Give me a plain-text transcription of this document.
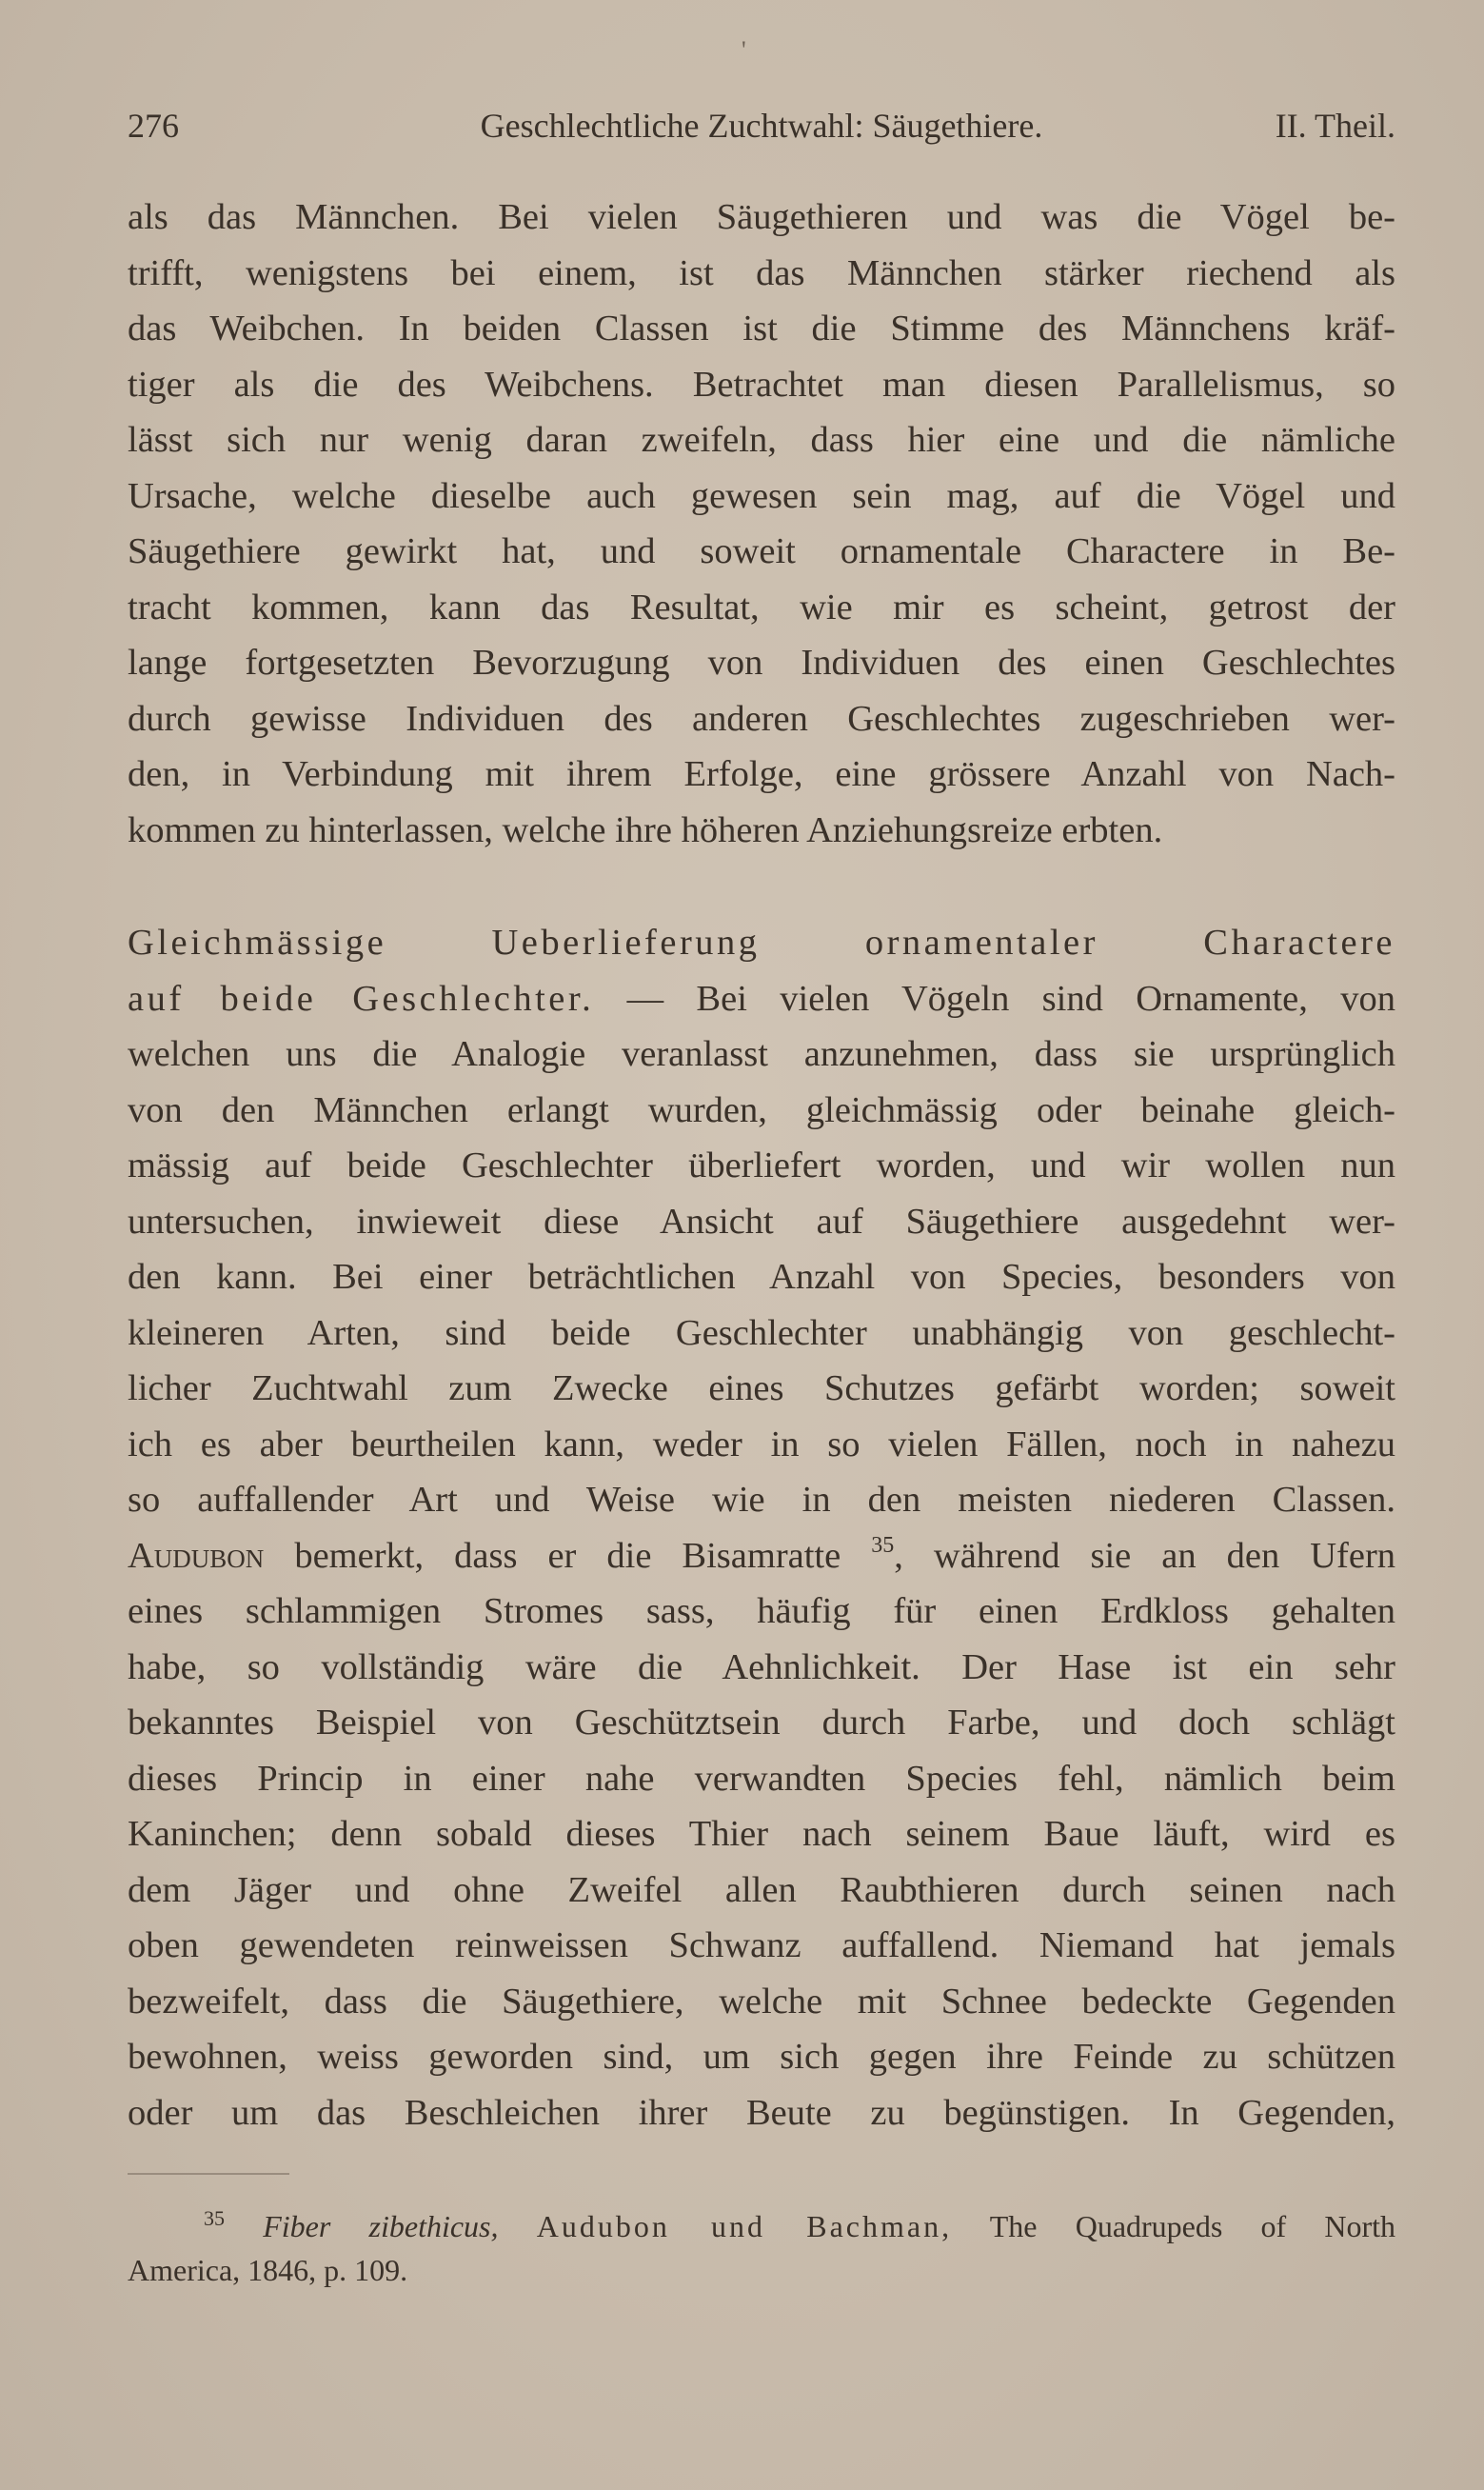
'
276	Geschlechtliche Zuchtwahl: Säugethiere.	II. Theil.
als das Männchen. Bei vielen Säugethieren und was die Vögel be-
trifft, wenigstens bei einem, ist das Männchen stärker riechend als
das Weibchen. In beiden Classen ist die Stimme des Männchens kräf-
tiger als die des Weibchens. Betrachtet man diesen Parallelismus, so
lässt sich nur wenig daran zweifeln, dass hier eine und die nämliche
Ursache, welche dieselbe auch gewesen sein mag, auf die Vögel und
Säugethiere gewirkt hat, und soweit ornamentale Charactere in Be-
tracht kommen, kann das Resultat, wie mir es scheint, getrost der
lange fortgesetzten Bevorzugung von Individuen des einen Geschlechtes
durch gewisse Individuen des anderen Geschlechtes zugeschrieben wer-
den, in Verbindung mit ihrem Erfolge, eine grössere Anzahl von Nach-
kommen zu hinterlassen, welche ihre höheren Anziehungsreize erbten.
Gleichmässige Ueberlieferung ornamentaler Charactere
auf beide Geschlechter. — Bei vielen Vögeln sind Ornamente, von
welchen uns die Analogie veranlasst anzunehmen, dass sie ursprünglich
von den Männchen erlangt wurden, gleichmässig oder beinahe gleich-
mässig auf beide Geschlechter überliefert worden, und wir wollen nun
untersuchen, inwieweit diese Ansicht auf Säugethiere ausgedehnt wer-
den kann. Bei einer beträchtlichen Anzahl von Species, besonders von
kleineren Arten, sind beide Geschlechter unabhängig von geschlecht-
licher Zuchtwahl zum Zwecke eines Schutzes gefärbt worden; soweit
ich es aber beurtheilen kann, weder in so vielen Fällen, noch in nahezu
so auffallender Art und Weise wie in den meisten niederen Classen.
Audubon bemerkt, dass er die Bisamratte $^{35}$, während sie an den Ufern
eines schlammigen Stromes sass, häufig für einen Erdkloss gehalten
habe, so vollständig wäre die Aehnlichkeit. Der Hase ist ein sehr
bekanntes Beispiel von Geschütztsein durch Farbe, und doch schlägt
dieses Princip in einer nahe verwandten Species fehl, nämlich beim
Kaninchen; denn sobald dieses Thier nach seinem Baue läuft, wird es
dem Jäger und ohne Zweifel allen Raubthieren durch seinen nach
oben gewendeten reinweissen Schwanz auffallend. Niemand hat jemals
bezweifelt, dass die Säugethiere, welche mit Schnee bedeckte Gegenden
bewohnen, weiss geworden sind, um sich gegen ihre Feinde zu schützen
oder um das Beschleichen ihrer Beute zu begünstigen. In Gegenden,
$^{35}$ Fiber zibethicus, Audubon und Bachman, The Quadrupeds of North
America, 1846, p. 109.
